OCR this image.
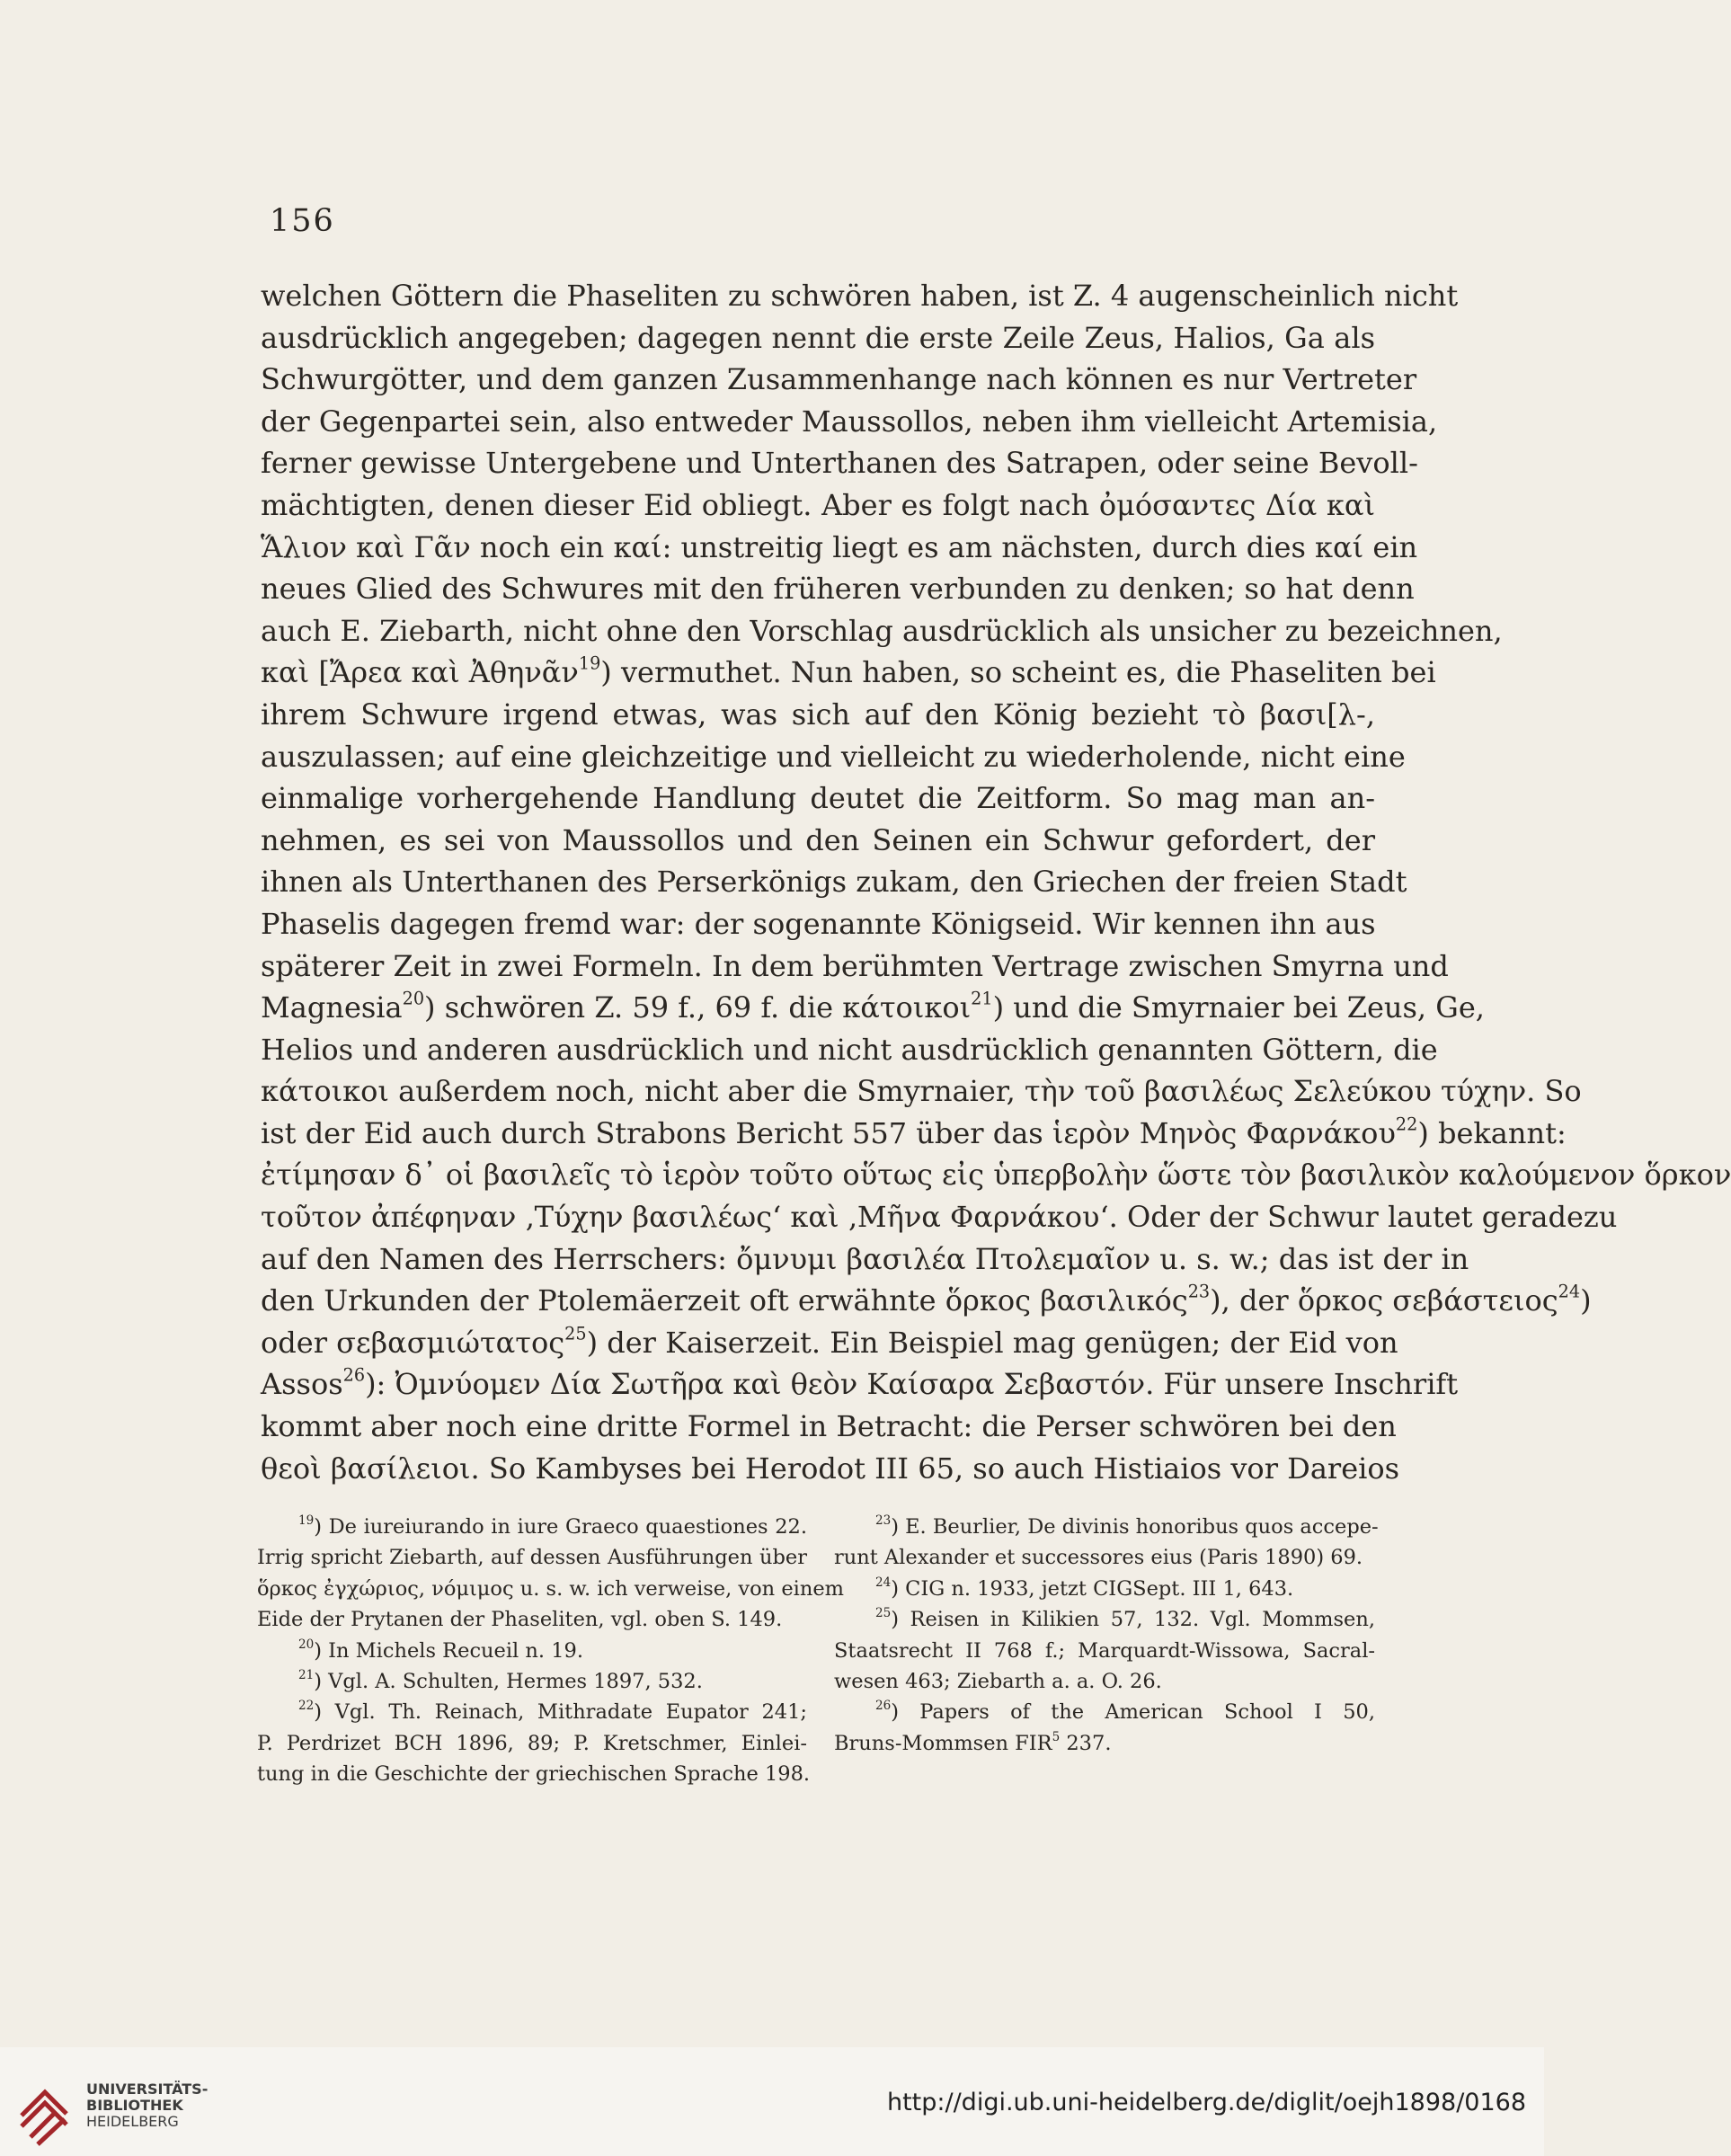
156
welchen Göttern die Phaseliten zu schwören haben, ist Z. 4 augenscheinlich nicht
ausdrücklich angegeben; dagegen nennt die erste Zeile Zeus, Halios, Ga als
Schwurgötter, und dem ganzen Zusammenhange nach können es nur Vertreter
der Gegenpartei sein, also entweder Maussollos, neben ihm vielleicht Artemisia,
ferner gewisse Untergebene und Unterthanen des Satrapen, oder seine Bevoll-
mächtigten, denen dieser Eid obliegt. Aber es folgt nach ὀμόσαντες Δία καὶ
Ἅλιον καὶ Γᾶν noch ein καί: unstreitig liegt es am nächsten, durch dies καί ein
neues Glied des Schwures mit den früheren verbunden zu denken; so hat denn
auch E. Ziebarth, nicht ohne den Vorschlag ausdrücklich als unsicher zu bezeichnen,
καὶ [Ἄρεα καὶ Ἀθηνᾶν$^{19}$) vermuthet. Nun haben, so scheint es, die Phaseliten bei
ihrem Schwure irgend etwas, was sich auf den König bezieht τὸ βασι[λ-,
auszulassen; auf eine gleichzeitige und vielleicht zu wiederholende, nicht eine
einmalige vorhergehende Handlung deutet die Zeitform. So mag man an-
nehmen, es sei von Maussollos und den Seinen ein Schwur gefordert, der
ihnen als Unterthanen des Perserkönigs zukam, den Griechen der freien Stadt
Phaselis dagegen fremd war: der sogenannte Königseid. Wir kennen ihn aus
späterer Zeit in zwei Formeln. In dem berühmten Vertrage zwischen Smyrna und
Magnesia$^{20}$) schwören Z. 59 f., 69 f. die κάτοικοι$^{21}$) und die Smyrnaier bei Zeus, Ge,
Helios und anderen ausdrücklich und nicht ausdrücklich genannten Göttern, die
κάτοικοι außerdem noch, nicht aber die Smyrnaier, τὴν τοῦ βασιλέως Σελεύκου τύχην. So
ist der Eid auch durch Strabons Bericht 557 über das ἱερὸν Μηνὸς Φαρνάκου$^{22}$) bekannt:
ἐτίμησαν δ᾽ οἱ βασιλεῖς τὸ ἱερὸν τοῦτο οὕτως εἰς ὑπερβολὴν ὥστε τὸν βασιλικὸν καλούμενον ὅρκον
τοῦτον ἀπέφηναν ‚Τύχην βασιλέως‘ καὶ ‚Μῆνα Φαρνάκου‘. Oder der Schwur lautet geradezu
auf den Namen des Herrschers: ὄμνυμι βασιλέα Πτολεμαῖον u. s. w.; das ist der in
den Urkunden der Ptolemäerzeit oft erwähnte ὅρκος βασιλικός$^{23}$), der ὅρκος σεβάστειος$^{24}$)
oder σεβασμιώτατος$^{25}$) der Kaiserzeit. Ein Beispiel mag genügen; der Eid von
Assos$^{26}$): Ὀμνύομεν Δία Σωτῆρα καὶ θεὸν Καίσαρα Σεβαστόν. Für unsere Inschrift
kommt aber noch eine dritte Formel in Betracht: die Perser schwören bei den
θεοὶ βασίλειοι. So Kambyses bei Herodot III 65, so auch Histiaios vor Dareios
$^{19}$) De iureiurando in iure Graeco quaestiones 22.
Irrig spricht Ziebarth, auf dessen Ausführungen über
ὅρκος ἐγχώριος, νόμιμος u. s. w. ich verweise, von einem
Eide der Prytanen der Phaseliten, vgl. oben S. 149.
$^{20}$) In Michels Recueil n. 19.
$^{21}$) Vgl. A. Schulten, Hermes 1897, 532.
$^{22}$) Vgl. Th. Reinach, Mithradate Eupator 241;
P. Perdrizet BCH 1896, 89; P. Kretschmer, Einlei-
tung in die Geschichte der griechischen Sprache 198.
$^{23}$) E. Beurlier, De divinis honoribus quos accepe-
runt Alexander et successores eius (Paris 1890) 69.
$^{24}$) CIG n. 1933, jetzt CIGSept. III 1, 643.
$^{25}$) Reisen in Kilikien 57, 132. Vgl. Mommsen,
Staatsrecht II 768 f.; Marquardt-Wissowa, Sacral-
wesen 463; Ziebarth a. a. O. 26.
$^{26}$) Papers of the American School I 50,
Bruns-Mommsen FIR$^5$ 237.
UNIVERSITÄTS-
BIBLIOTHEK
HEIDELBERG
http://digi.ub.uni-heidelberg.de/diglit/oejh1898/0168
